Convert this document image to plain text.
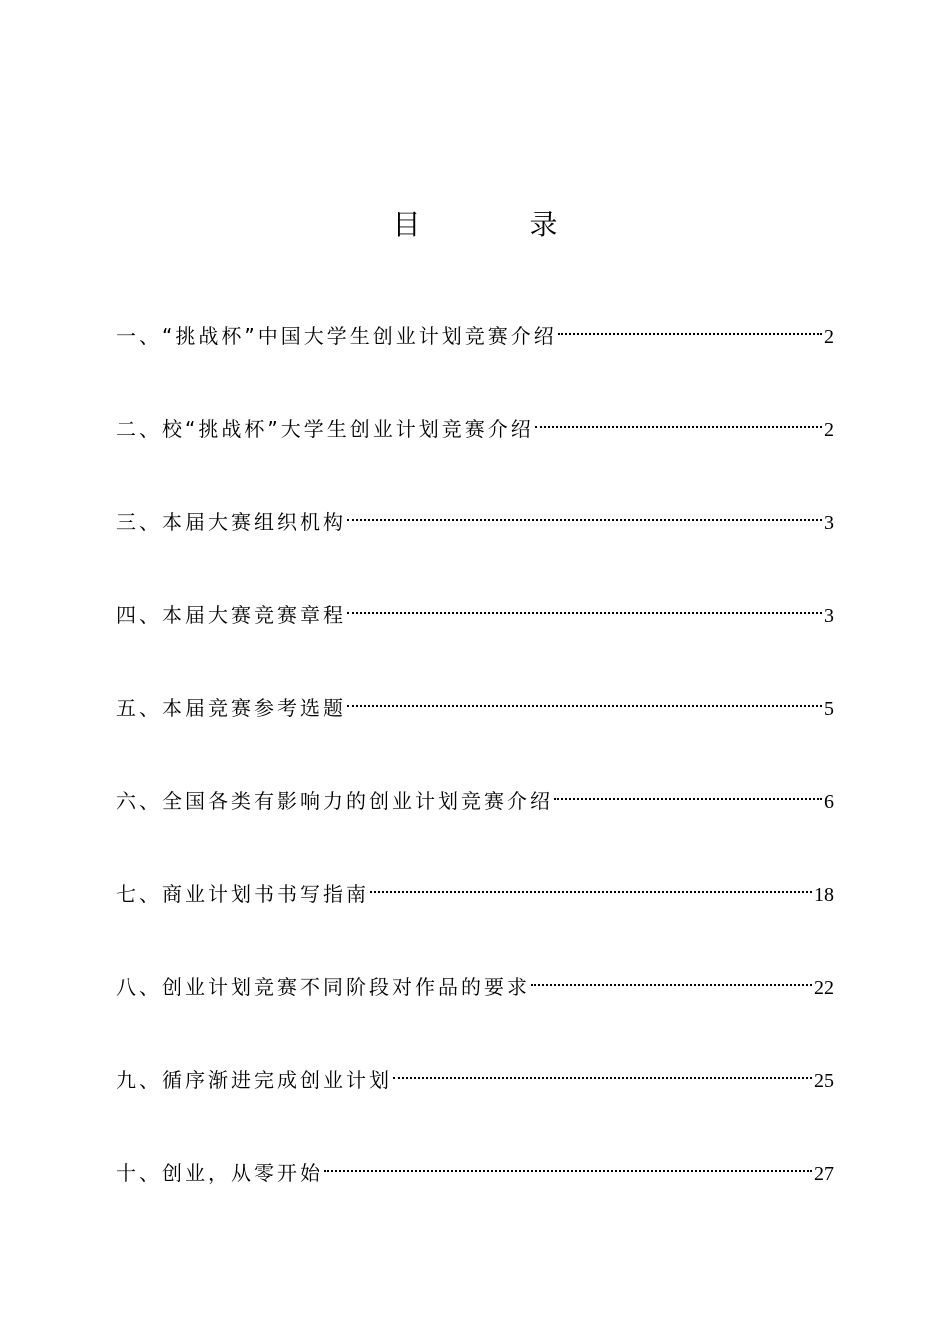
目 录
一、“挑战杯”中国大学生创业计划竞赛介绍	2
二、校“挑战杯”大学生创业计划竞赛介绍	2
三、本届大赛组织机构	3
四、本届大赛竞赛章程	3
五、本届竞赛参考选题	5
六、全国各类有影响力的创业计划竞赛介绍	6
七、商业计划书书写指南	18
八、创业计划竞赛不同阶段对作品的要求	22
九、循序渐进完成创业计划	25
十、创业，从零开始	27
